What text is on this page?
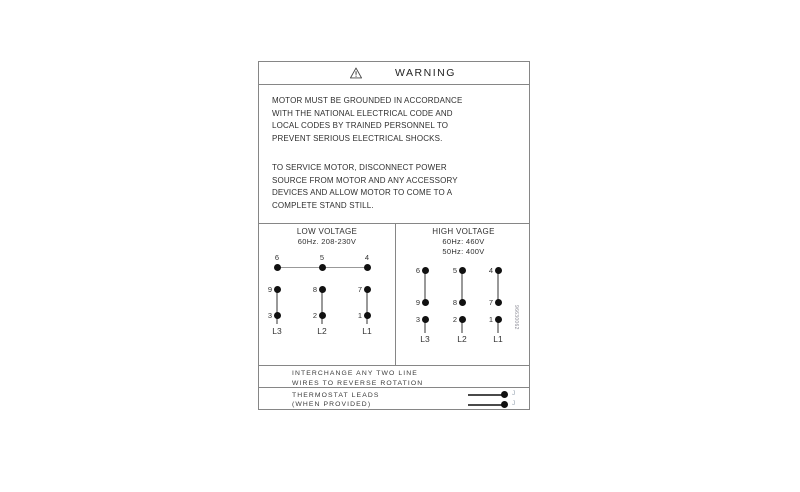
WARNING
MOTOR MUST BE GROUNDED IN ACCORDANCE
WITH THE NATIONAL ELECTRICAL CODE AND
LOCAL CODES BY TRAINED PERSONNEL TO
PREVENT SERIOUS ELECTRICAL SHOCKS.
TO SERVICE MOTOR, DISCONNECT POWER
SOURCE FROM MOTOR AND ANY ACCESSORY
DEVICES AND ALLOW MOTOR TO COME TO A
COMPLETE STAND STILL.
LOW VOLTAGE
60Hz. 208-230V
6	5	4
9	8	7
3	2	1
L3	L2	L1
HIGH VOLTAGE
60Hz: 460V
50Hz: 400V
6	5	4
9	8	7
3	2	1
L3	L2	L1
96630062
INTERCHANGE ANY TWO LINE
WIRES TO REVERSE ROTATION
THERMOSTAT LEADS
(WHEN PROVIDED)
J
J
